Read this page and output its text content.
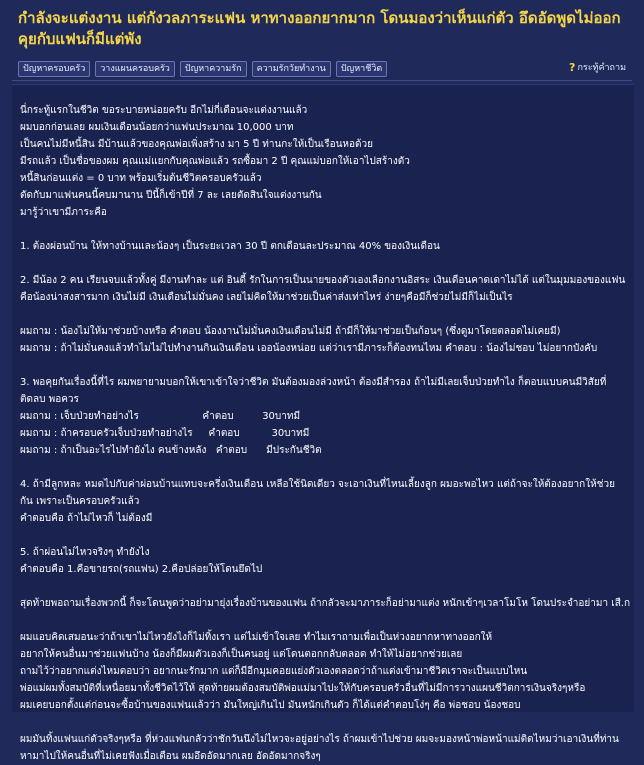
กำลังจะแต่งงาน แต่กังวลภาระแฟน หาทางออกยากมาก โดนมองว่าเห็นแก่ตัว อึดอัดพูดไม่ออก คุยกับแฟนก็มีแต่พัง
ปัญหาครอบครัว	วางแผนครอบครัว	ปัญหาความรัก	ความรักวัยทำงาน	ปัญหาชีวิต	? กระทู้คำถาม

นี่กระทู้แรกในชีวิต ขอระบายหน่อยครับ อีกไม่กี่เดือนจะแต่งงานแล้ว
ผมบอกก่อนเลย ผมเงินเดือนน้อยกว่าแฟนประมาณ 10,000 บาท
เป็นคนไม่มีหนี้สิน มีบ้านแล้วของคุณพ่อเพิ่งสร้าง มา 5 ปี ท่านกะให้เป็นเรือนหอด้วย
มีรถแล้ว เป็นชื่อของผม คุณแม่แยกกับคุณพ่อแล้ว รถซื้อมา 2 ปี คุณแม่บอกให้เอาไปสร้างตัว
หนี้สินก่อนแต่ง = 0 บาท พร้อมเริ่มต้นชีวิตครอบครัวแล้ว
ตัดกับมาแฟนคนนี้คบมานาน ปีนี้ก็เข้าปีที่ 7 ละ เลยตัดสินใจแต่งงานกัน
มารู้ว่าเขามีภาระคือ

1. ต้องผ่อนบ้าน ให้ทางบ้านและน้องๆ เป็นระยะเวลา 30 ปี ตกเดือนละประมาณ 40% ของเงินเดือน

2. มีน้อง 2 คน เรียนจบแล้วทั้งคู่ มีงานทำละ แต่ อินดี้ รักในการเป็นนายของตัวเองเลือกงานอิสระ เงินเดือนคาดเดาไม่ได้ แต่ในมุมมองของแฟนคือน้องน่าสงสารมาก เงินไม่มี เงินเดือนไม่มั่นคง เลยไม่คิดให้มาช่วยเป็นค่าส่งเท่าไหร่ ง่ายๆคือมีก็ช่วยไม่มีก็ไม่เป็นไร

ผมถาม : น้องไม่ให้มาช่วยบ้างหรือ คำตอบ น้องงานไม่มั่นคงเงินเดือนไม่มี ถ้ามีก็ให้มาช่วยเป็นก้อนๆ (ซึ่งดูมาโดยตลอดไม่เคยมี)
ผมถาม : ถ้าไม่มั่นคงแล้วทำไมไม่ไปทำงานกินเงินเดือน เออน้องหน่อย แต่ว่าเรามีภาระก็ต้องทนไหม คำตอบ : น้องไม่ชอบ ไม่อยากบังคับ

3. พอคุยกันเรื่องนี้ที่ไร ผมพยายามบอกให้เขาเข้าใจว่าชีวิต มันต้องมองล่วงหน้า ต้องมีสำรอง ถ้าไม่มีเลยเจ็บป่วยทำไง ก็ตอบแบบคนมีวิสัยที่ติดลบ พอควร
ผมถาม : เจ็บป่วยทำอย่างไร                    คำตอบ         30บาทมี
ผมถาม : ถ้าครอบครัวเจ็บป่วยทำอย่างไร     คำตอบ          30บาทมี
ผมถาม : ถ้าเป็นอะไรไปทำยังไง คนข้างหลัง   คำตอบ      มีประกันชีวิต

4. ถ้ามีลูกหละ หมดไปกับค่าผ่อนบ้านแทบจะครึ่งเงินเดือน เหลือใช้นิดเดียว จะเอาเงินที่ไหนเลี้ยงลูก ผมอะพอไหว แต่ถ้าจะให้ต้องอยากให้ช่วยกัน เพราะเป็นครอบครัวแล้ว
คำตอบคือ ถ้าไม่ไหวก็ ไม่ต้องมี

5. ถ้าผ่อนไม่ไหวจริงๆ ทำยังไง
คำตอบคือ 1.คือขายรถ(รถแฟน) 2.คือปล่อยให้โดนยึดไป

สุดท้ายพอถามเรื่องพวกนี้ ก็จะโดนพูดว่าอย่ามายุ่งเรื่องบ้านของแฟน ถ้ากลัวจะมาภาระก็อย่ามาแต่ง หนักเข้าๆเวลาโมโห โดนประจำอย่ามา เสื.ก

ผมแอบคิดเสมอนะว่าถ้าเขาไม่ไหวยังไงก็ไม่ทิ้งเรา แต่ไม่เข้าใจเลย ทำไมเราถามเพื่อเป็นห่วงอยากหาทางออกให้
อยากให้คนอื่นมาช่วยแฟนบ้าง น้องก็มีผมตัวเองก็เป็นคนอยู่ แต่โดนตอกกลับตลอด ทำให้ไม่อยากช่วยเลย
ถามไว้ว่าอยากแต่งไหมตอบว่า อยากนะรักมาก แต่ก็มีอีกมุมคอยแย่งตัวเองตลอดว่าถ้าแต่งเข้ามาชีวิตเราจะเป็นแบบไหน
พ่อแม่ผมทั้งสมบัติที่เหนื่อยมาทั้งชีวิตไว้ให้ สุดท้ายผมต้องสมบัติพ่อแม่มาไปะให้กับครอบครัวอื่นที่ไม่มีการวางแผนชีวิตการเงินจริงๆหรือ
ผมเคยบอกตั้งแต่ก่อนจะซื้อบ้านของแฟนแล้วว่า มันใหญ่เกินไป มันหนักเกินตัว ก็ได้แต่คำตอบโง่ๆ คือ พ่อชอบ น้องชอบ

ผมมันทิ้งแฟนแก่ตัวจริงๆหรือ ที่ห่วงแฟนกลัวว่าชักวันนึงไม่ไหวจะอยู่อย่างไร ถ้าผมเข้าไปช่วย ผมจะมองหน้าพ่อหน้าแม่ติดไหมว่าเอาเงินที่ท่านหามาไปให้คนอื่นที่ไม่เคยฟังเมื่อเตือน ผมอึดอัดมากเลย อัดอัดมากจริงๆ
